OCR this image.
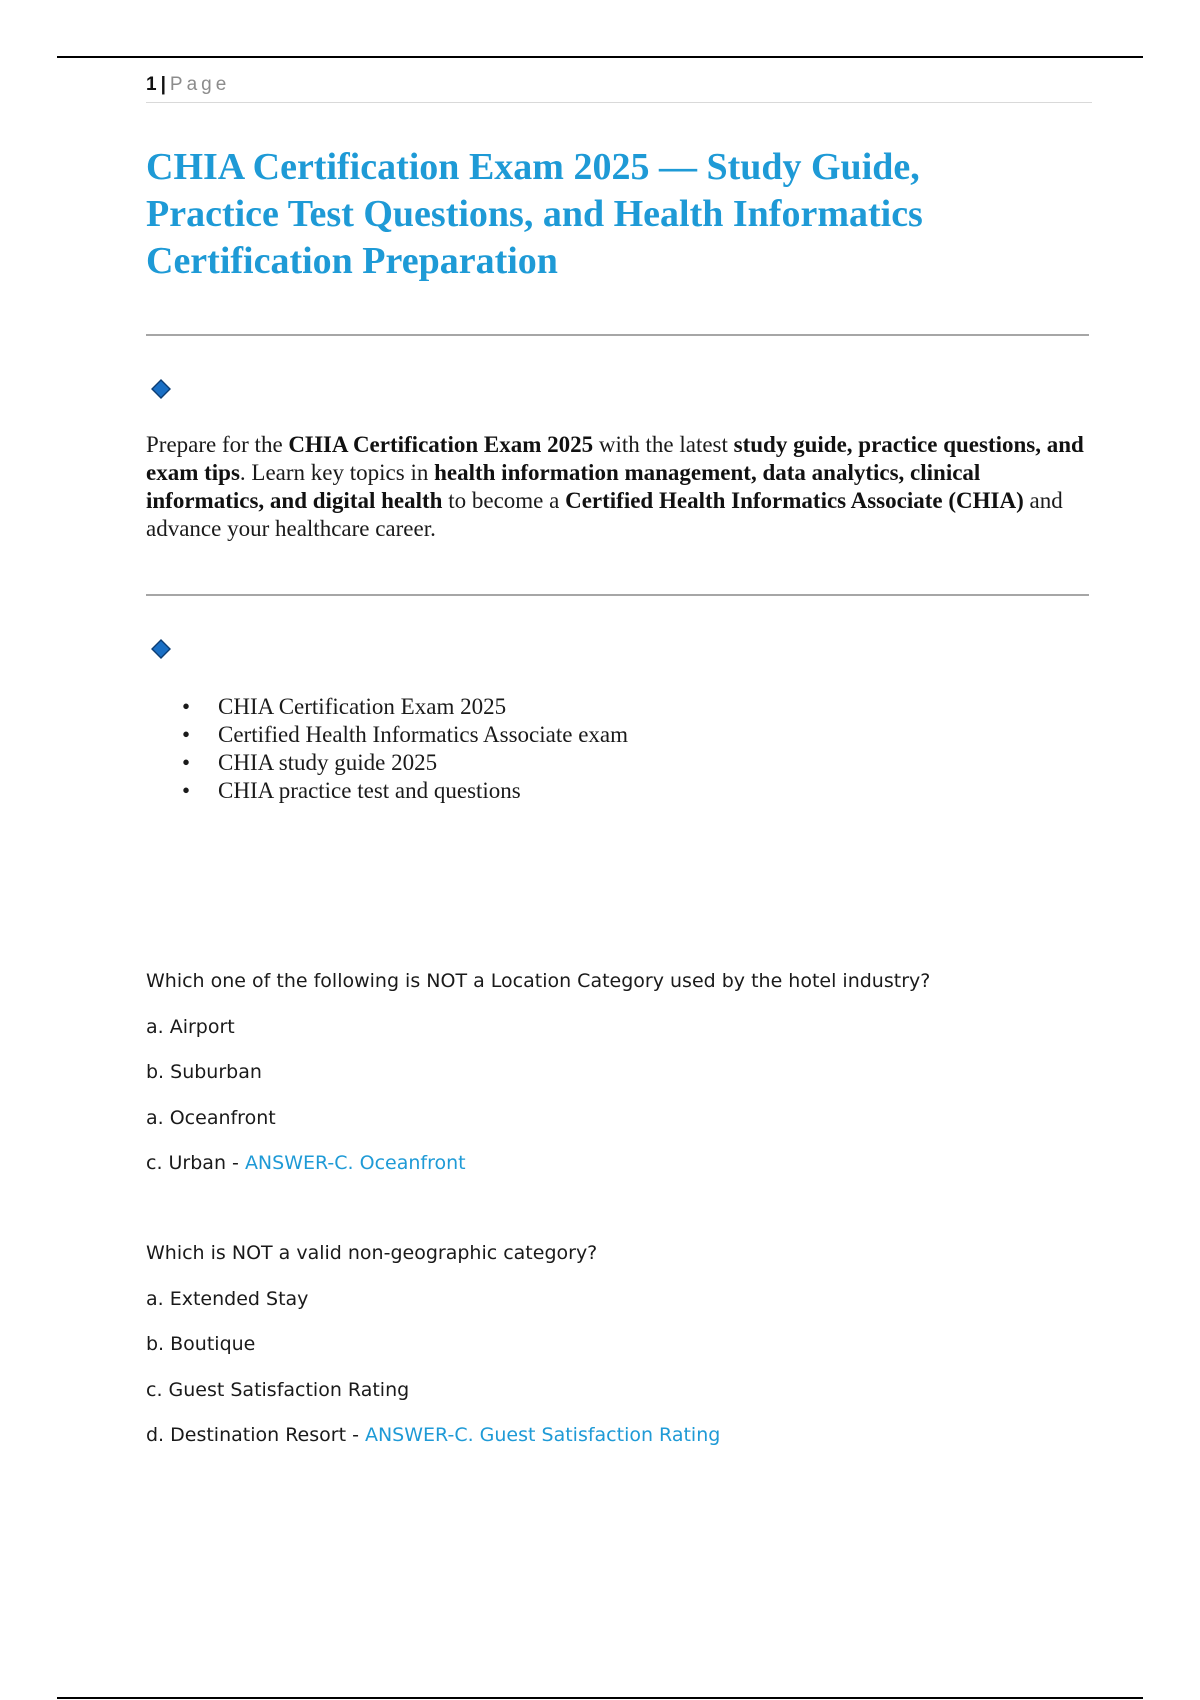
1 | Page
CHIA Certification Exam 2025 — Study Guide, Practice Test Questions, and Health Informatics Certification Preparation

Prepare for the CHIA Certification Exam 2025 with the latest study guide, practice questions, and exam tips. Learn key topics in health information management, data analytics, clinical informatics, and digital health to become a Certified Health Informatics Associate (CHIA) and advance your healthcare career.

• CHIA Certification Exam 2025
• Certified Health Informatics Associate exam
• CHIA study guide 2025
• CHIA practice test and questions

Which one of the following is NOT a Location Category used by the hotel industry?

a. Airport

b. Suburban

a. Oceanfront

c. Urban - ANSWER-C. Oceanfront

Which is NOT a valid non-geographic category?

a. Extended Stay

b. Boutique

c. Guest Satisfaction Rating

d. Destination Resort - ANSWER-C. Guest Satisfaction Rating
